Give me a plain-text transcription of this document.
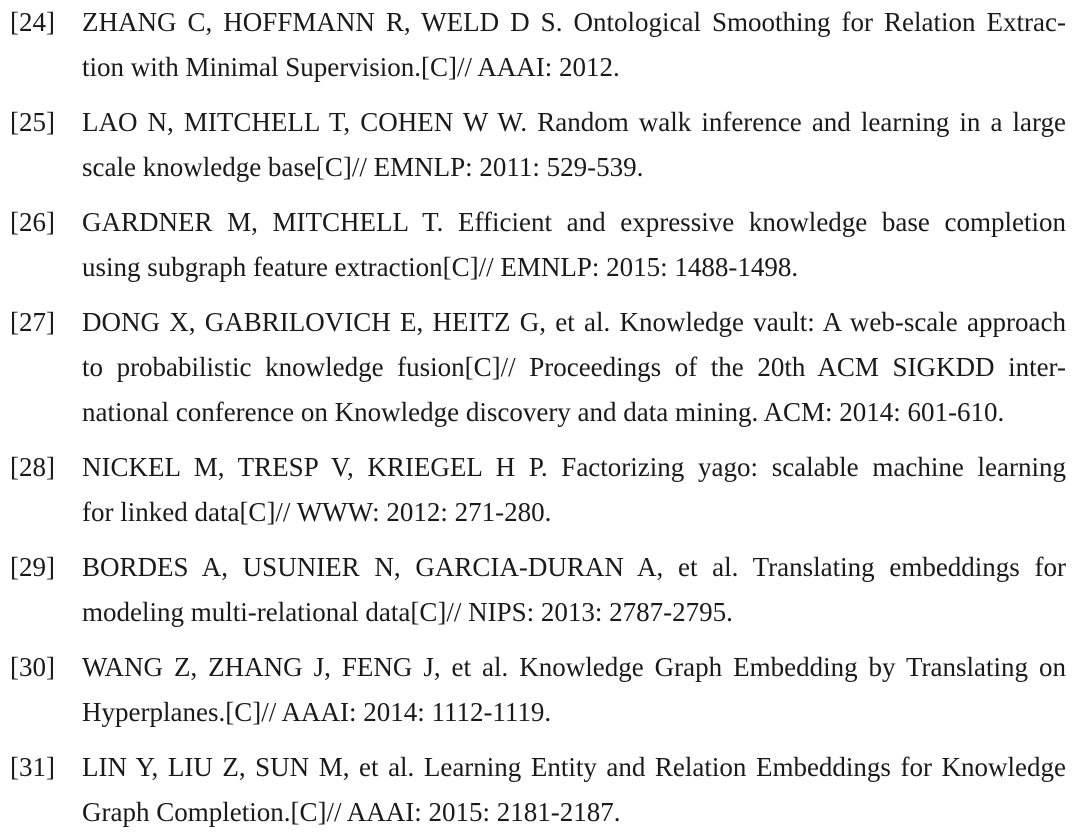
[24] ZHANG C, HOFFMANN R, WELD D S. Ontological Smoothing for Relation Extrac-
tion with Minimal Supervision.[C]// AAAI: 2012.
[25] LAO N, MITCHELL T, COHEN W W. Random walk inference and learning in a large
scale knowledge base[C]// EMNLP: 2011: 529-539.
[26] GARDNER M, MITCHELL T. Efficient and expressive knowledge base completion
using subgraph feature extraction[C]// EMNLP: 2015: 1488-1498.
[27] DONG X, GABRILOVICH E, HEITZ G, et al. Knowledge vault: A web-scale approach
to probabilistic knowledge fusion[C]// Proceedings of the 20th ACM SIGKDD inter-
national conference on Knowledge discovery and data mining. ACM: 2014: 601-610.
[28] NICKEL M, TRESP V, KRIEGEL H P. Factorizing yago: scalable machine learning
for linked data[C]// WWW: 2012: 271-280.
[29] BORDES A, USUNIER N, GARCIA-DURAN A, et al. Translating embeddings for
modeling multi-relational data[C]// NIPS: 2013: 2787-2795.
[30] WANG Z, ZHANG J, FENG J, et al. Knowledge Graph Embedding by Translating on
Hyperplanes.[C]// AAAI: 2014: 1112-1119.
[31] LIN Y, LIU Z, SUN M, et al. Learning Entity and Relation Embeddings for Knowledge
Graph Completion.[C]// AAAI: 2015: 2181-2187.
